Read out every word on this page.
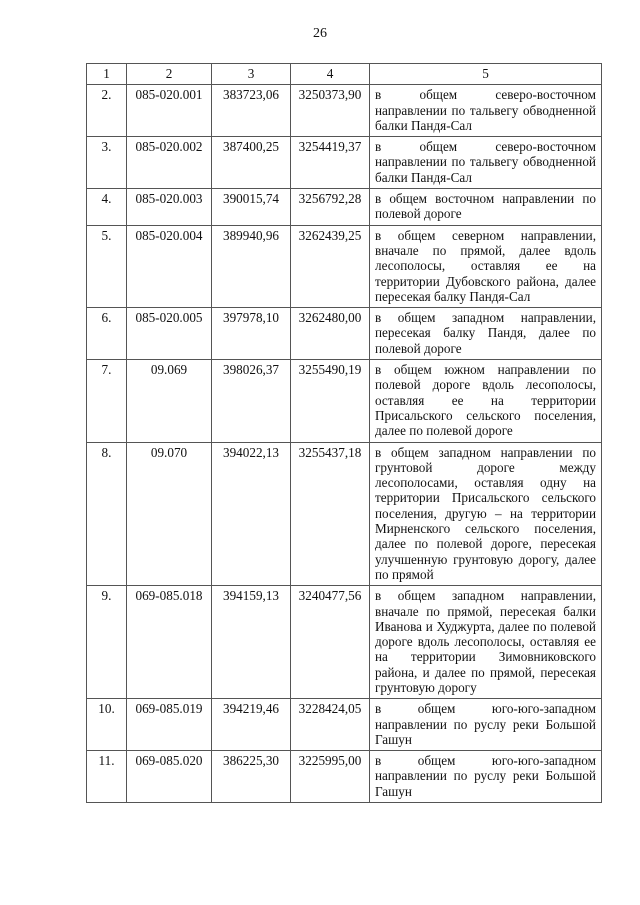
26
1	2	3	4	5
2.	085-020.001	383723,06	3250373,90	в общем северо-восточном направлении по тальвегу обводненной балки Пандя-Сал
3.	085-020.002	387400,25	3254419,37	в общем северо-восточном направлении по тальвегу обводненной балки Пандя-Сал
4.	085-020.003	390015,74	3256792,28	в общем восточном направлении по полевой дороге
5.	085-020.004	389940,96	3262439,25	в общем северном направлении, вначале по прямой, далее вдоль лесополосы, оставляя ее на территории Дубовского района, далее пересекая балку Пандя-Сал
6.	085-020.005	397978,10	3262480,00	в общем западном направлении, пересекая балку Пандя, далее по полевой дороге
7.	09.069	398026,37	3255490,19	в общем южном направлении по полевой дороге вдоль лесополосы, оставляя ее на территории Присальского сельского поселения, далее по полевой дороге
8.	09.070	394022,13	3255437,18	в общем западном направлении по грунтовой дороге между лесополосами, оставляя одну на территории Присальского сельского поселения, другую – на территории Мирненского сельского поселения, далее по полевой дороге, пересекая улучшенную грунтовую дорогу, далее по прямой
9.	069-085.018	394159,13	3240477,56	в общем западном направлении, вначале по прямой, пересекая балки Иванова и Худжурта, далее по полевой дороге вдоль лесополосы, оставляя ее на территории Зимовниковского района, и далее по прямой, пересекая грунтовую дорогу
10.	069-085.019	394219,46	3228424,05	в общем юго-юго-западном направлении по руслу реки Большой Гашун
11.	069-085.020	386225,30	3225995,00	в общем юго-юго-западном направлении по руслу реки Большой Гашун
